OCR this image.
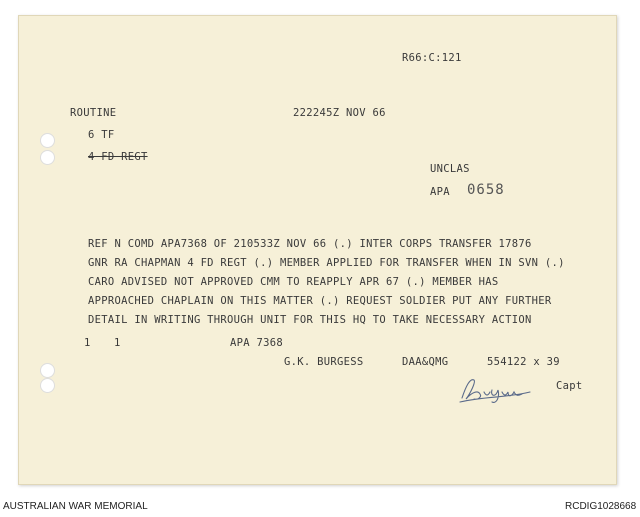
R66:C:121
ROUTINE	222245Z NOV 66
6 TF
4 FD REGT
UNCLAS
APA 0658
REF N COMD APA7368 OF 210533Z NOV 66 (.) INTER CORPS TRANSFER 17876
GNR RA CHAPMAN 4 FD REGT (.) MEMBER APPLIED FOR TRANSFER WHEN IN SVN (.)
CARO ADVISED NOT APPROVED CMM TO REAPPLY APR 67 (.) MEMBER HAS
APPROACHED CHAPLAIN ON THIS MATTER (.) REQUEST SOLDIER PUT ANY FURTHER
DETAIL IN WRITING THROUGH UNIT FOR THIS HQ TO TAKE NECESSARY ACTION
1 1	APA 7368
G.K. BURGESS	DAA&QMG	554122 x 39
Capt
AUSTRALIAN WAR MEMORIAL	RCDIG1028668
